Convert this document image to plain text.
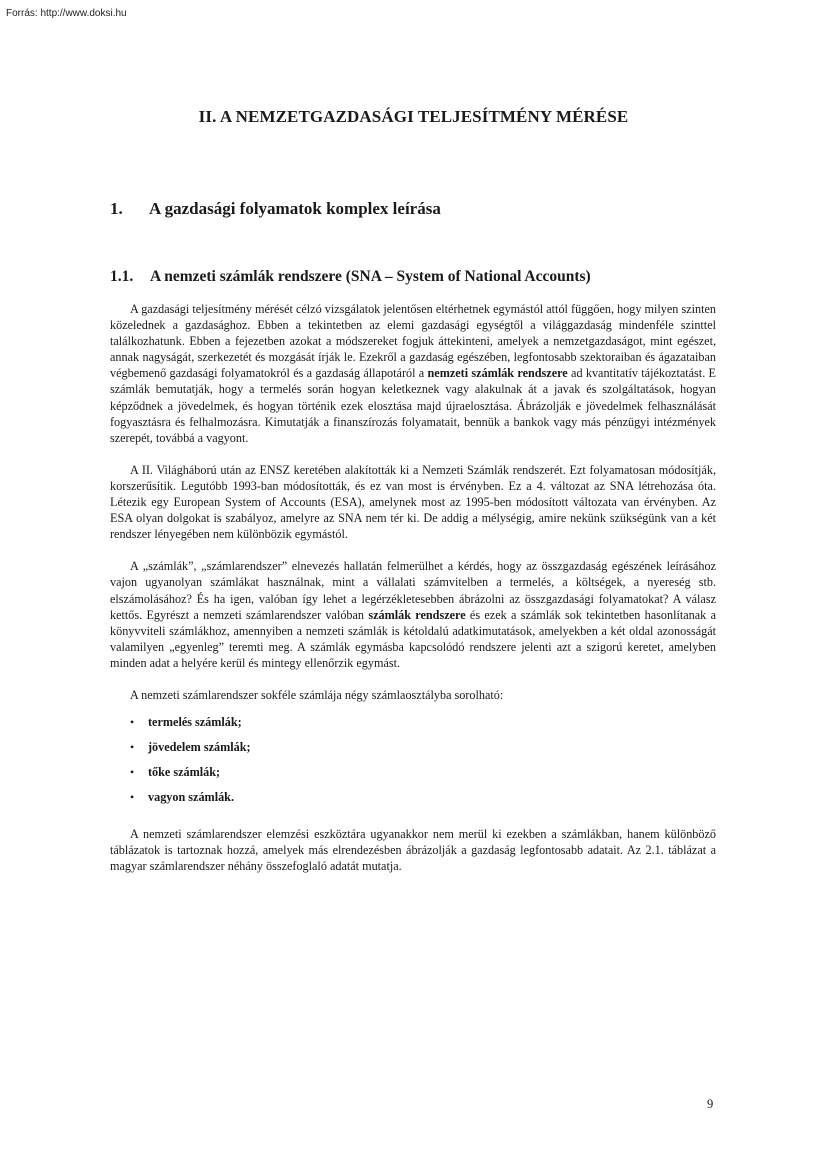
Forrás: http://www.doksi.hu
II. A NEMZETGAZDASÁGI TELJESÍTMÉNY MÉRÉSE
1. A gazdasági folyamatok komplex leírása
1.1. A nemzeti számlák rendszere (SNA – System of National Accounts)

A gazdasági teljesítmény mérését célzó vizsgálatok jelentősen eltérhetnek egymástól attól függően, hogy milyen szinten közelednek a gazdasághoz. Ebben a tekintetben az elemi gazdasági egységtől a világgazdaság mindenféle szinttel találkozhatunk. Ebben a fejezetben azokat a módszereket fogjuk áttekinteni, amelyek a nemzetgazdaságot, mint egészet, annak nagyságát, szerkezetét és mozgását írják le. Ezekről a gazdaság egészében, legfontosabb szektoraiban és ágazataiban végbemenő gazdasági folyamatokról és a gazdaság állapotáról a nemzeti számlák rendszere ad kvantitatív tájékoztatást. E számlák bemutatják, hogy a termelés során hogyan keletkeznek vagy alakulnak át a javak és szolgáltatások, hogyan képződnek a jövedelmek, és hogyan történik ezek elosztása majd újraelosztása. Ábrázolják e jövedelmek felhasználását fogyasztásra és felhalmozásra. Kimutatják a finanszírozás folyamatait, bennük a bankok vagy más pénzügyi intézmények szerepét, továbbá a vagyont.

A II. Világháború után az ENSZ keretében alakították ki a Nemzeti Számlák rendszerét. Ezt folyamatosan módosítják, korszerűsítik. Legutóbb 1993-ban módosították, és ez van most is érvényben. Ez a 4. változat az SNA létrehozása óta. Létezik egy European System of Accounts (ESA), amelynek most az 1995-ben módosított változata van érvényben. Az ESA olyan dolgokat is szabályoz, amelyre az SNA nem tér ki. De addig a mélységig, amire nekünk szükségünk van a két rendszer lényegében nem különbözik egymástól.

A „számlák”, „számlarendszer” elnevezés hallatán felmerülhet a kérdés, hogy az összgazdaság egészének leírásához vajon ugyanolyan számlákat használnak, mint a vállalati számvitelben a termelés, a költségek, a nyereség stb. elszámolásához? És ha igen, valóban így lehet a legérzékletesebben ábrázolni az összgazdasági folyamatokat? A válasz kettős. Egyrészt a nemzeti számlarendszer valóban számlák rendszere és ezek a számlák sok tekintetben hasonlítanak a könyvviteli számlákhoz, amennyiben a nemzeti számlák is kétoldalú adatkimutatások, amelyekben a két oldal azonosságát valamilyen „egyenleg” teremti meg. A számlák egymásba kapcsolódó rendszere jelenti azt a szigorú keretet, amelyben minden adat a helyére kerül és mintegy ellenőrzik egymást.

A nemzeti számlarendszer sokféle számlája négy számlaosztályba sorolható:

• termelés számlák;
• jövedelem számlák;
• tőke számlák;
• vagyon számlák.

A nemzeti számlarendszer elemzési eszköztára ugyanakkor nem merül ki ezekben a számlákban, hanem különböző táblázatok is tartoznak hozzá, amelyek más elrendezésben ábrázolják a gazdaság legfontosabb adatait. Az 2.1. táblázat a magyar számlarendszer néhány összefoglaló adatát mutatja.

9
